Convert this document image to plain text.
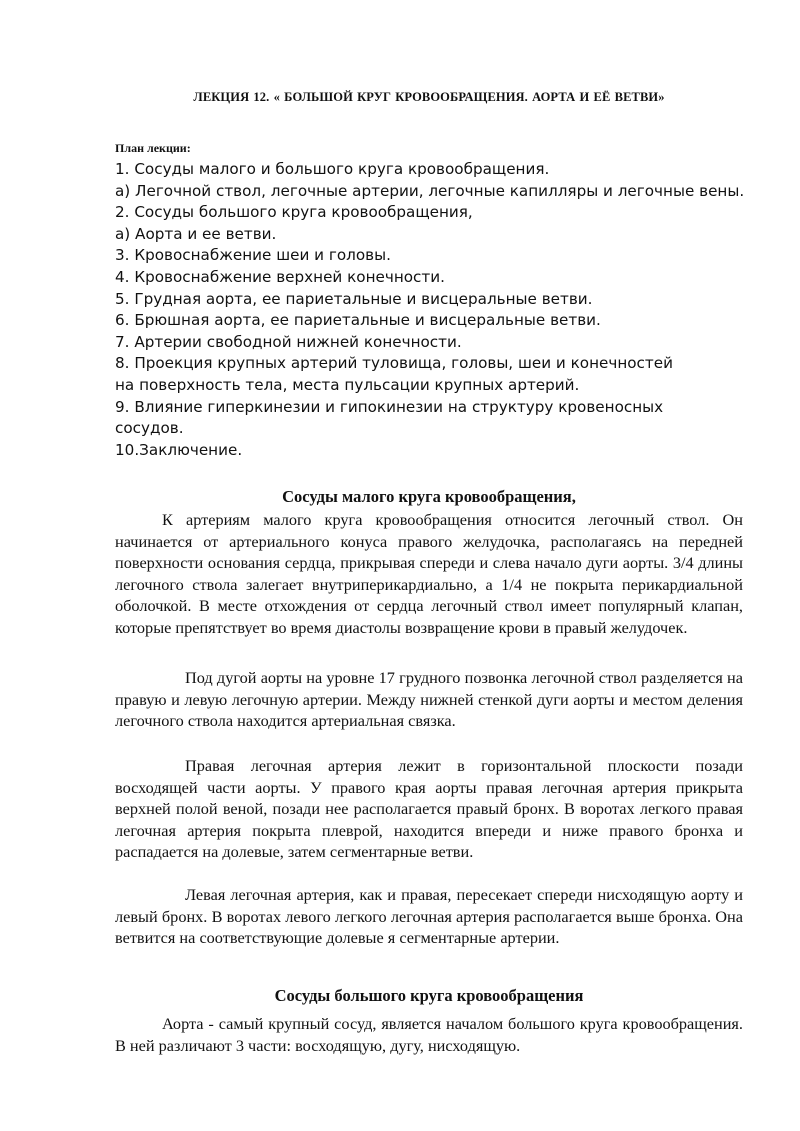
ЛЕКЦИЯ 12. « БОЛЬШОЙ КРУГ КРОВООБРАЩЕНИЯ. АОРТА И ЕЁ ВЕТВИ»
План лекции:
1. Сосуды малого и большого круга кровообращения.
а) Легочной ствол, легочные артерии, легочные капилляры и легочные вены.
2. Сосуды большого круга кровообращения,
а) Аорта и ее ветви.
3. Кровоснабжение шеи и головы.
4. Кровоснабжение верхней конечности.
5. Грудная аорта, ее париетальные и висцеральные ветви.
6. Брюшная аорта, ее париетальные и висцеральные ветви.
7. Артерии свободной нижней конечности.
8. Проекция крупных артерий туловища, головы, шеи и конечностей
на поверхность тела, места пульсации крупных артерий.
9. Влияние гиперкинезии и гипокинезии на структуру кровеносных
сосудов.
10.Заключение.
Сосуды малого круга кровообращения,

К артериям малого круга кровообращения относится легочный ствол. Он начинается от артериального конуса правого желудочка, располагаясь на передней поверхности основания сердца, прикрывая спереди и слева начало дуги аорты. 3/4 длины легочного ствола залегает внутриперикардиально, а 1/4 не покрыта перикардиальной оболочкой. В месте отхождения от сердца легочный ствол имеет популярный клапан, которые препятствует во время диастолы возвращение крови в правый желудочек.

Под дугой аорты на уровне 17 грудного позвонка легочной ствол разделяется на правую и левую легочную артерии. Между нижней стенкой дуги аорты и местом деления легочного ствола находится артериальная связка.

Правая легочная артерия лежит в горизонтальной плоскости позади восходящей части аорты. У правого края аорты правая легочная артерия прикрыта верхней полой веной, позади нее располагается правый бронх. В воротах легкого правая легочная артерия покрыта плеврой, находится впереди и ниже правого бронха и распадается на долевые, затем сегментарные ветви.

Левая легочная артерия, как и правая, пересекает спереди нисходящую аорту и левый бронх. В воротах левого легкого легочная артерия располагается выше бронха. Она ветвится на соответствующие долевые я сегментарные артерии.

Сосуды большого круга кровообращения

Аорта - самый крупный сосуд, является началом большого круга кровообращения. В ней различают 3 части: восходящую, дугу, нисходящую.
